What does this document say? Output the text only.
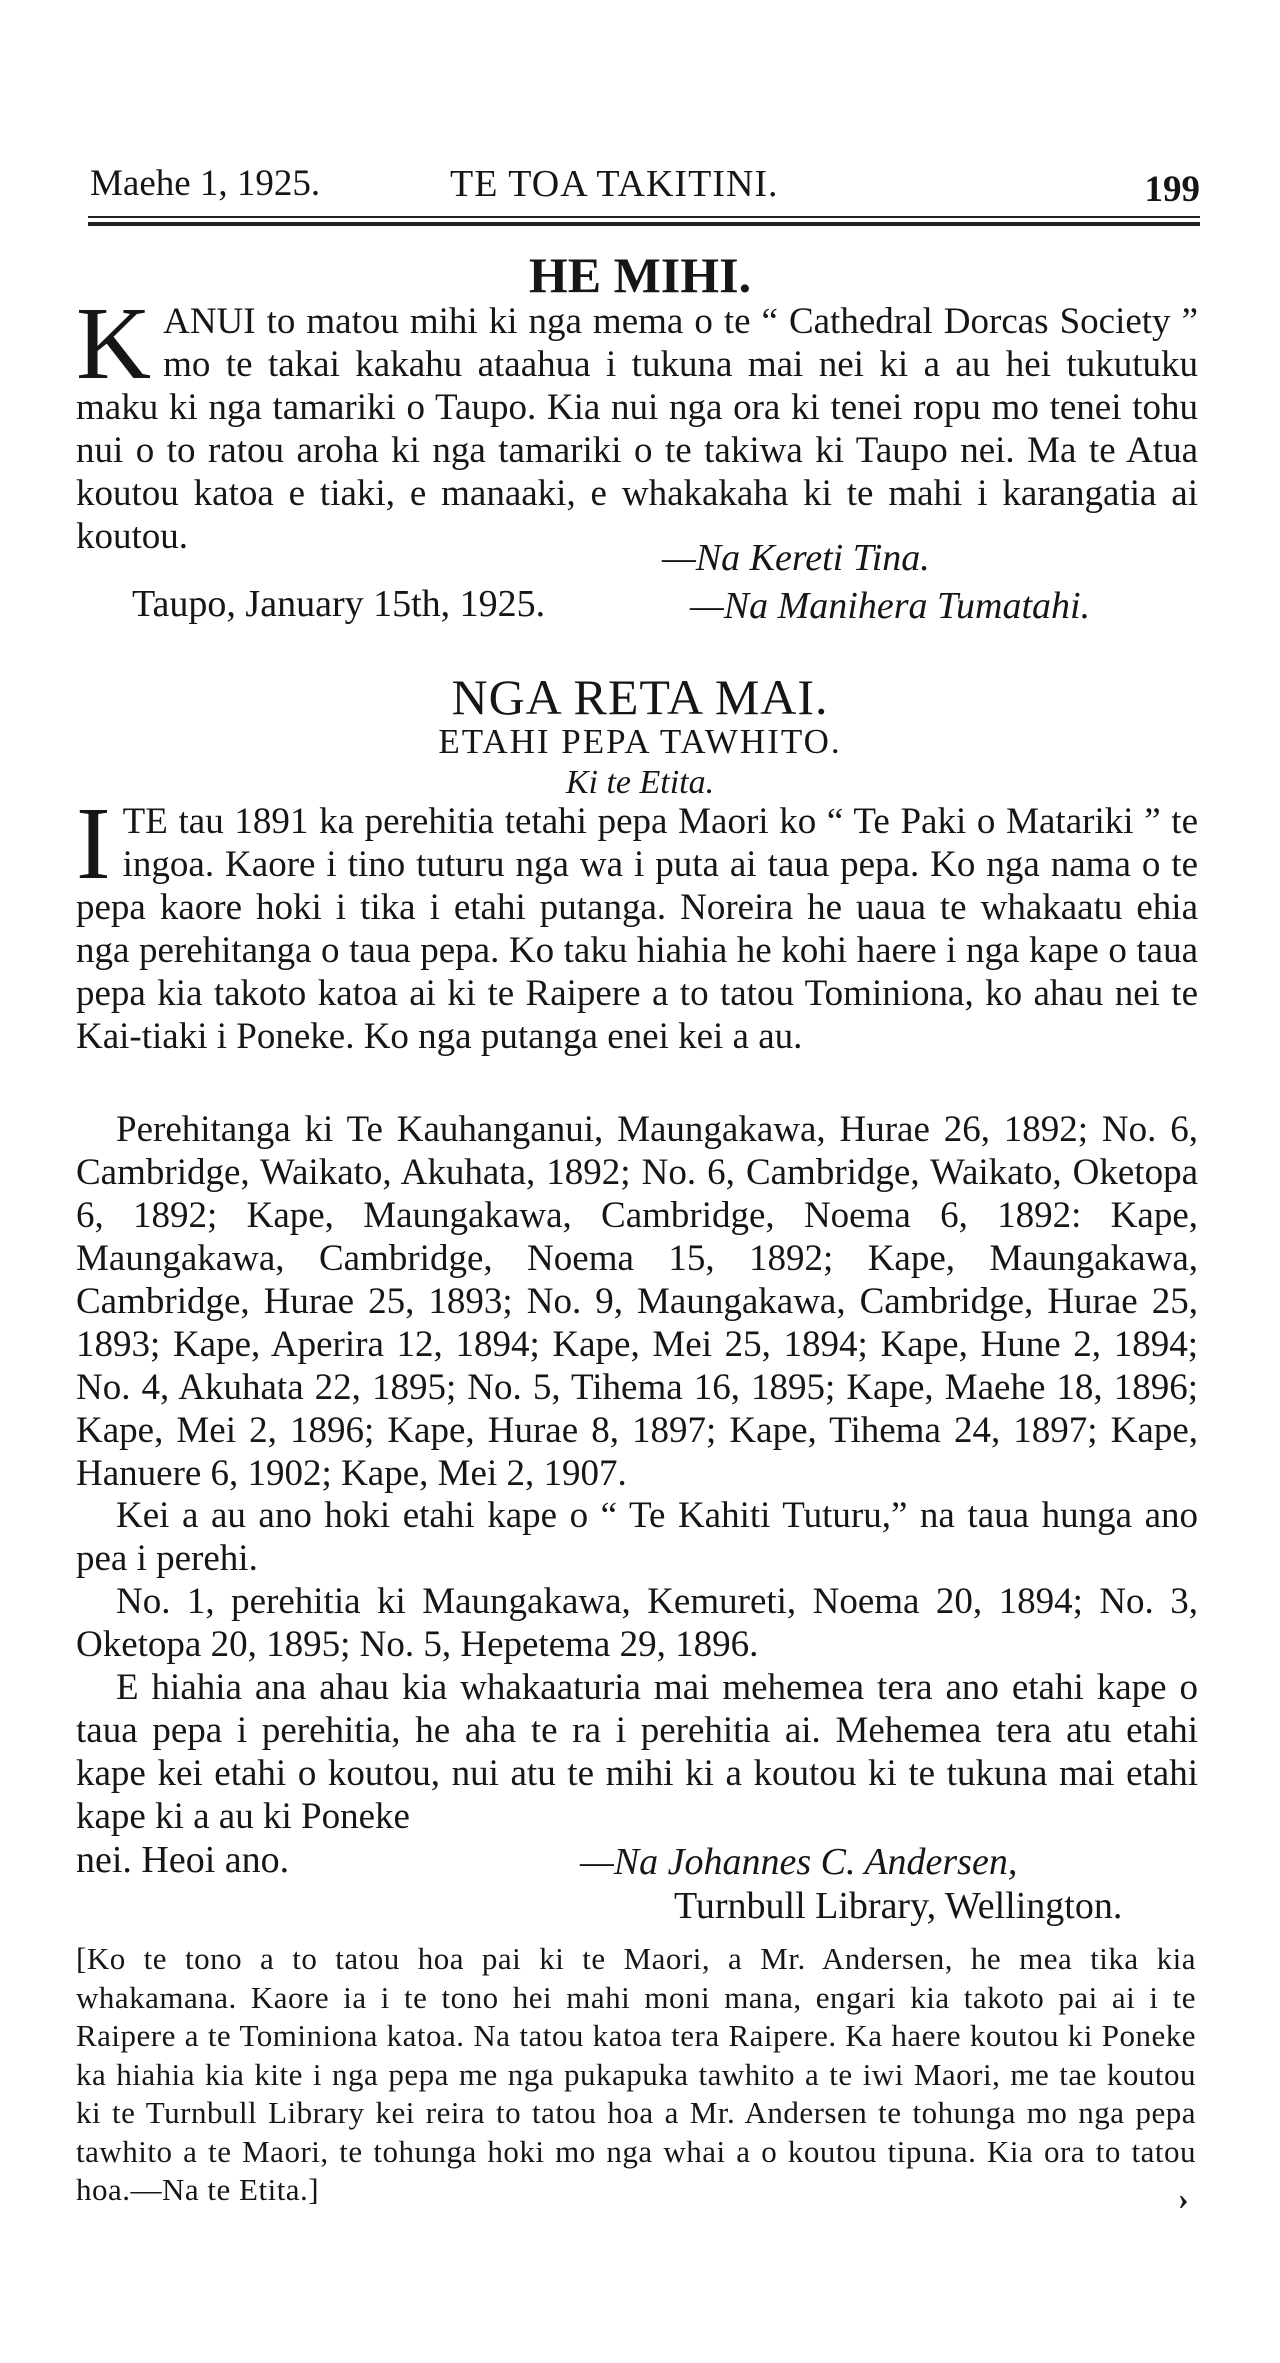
Maehe 1, 1925.	TE TOA TAKITINI.	199
HE MIHI.

KANUI to matou mihi ki nga mema o te “ Cathedral Dorcas Society ” mo te takai kakahu ataahua i tukuna mai nei ki a au hei tukutuku maku ki nga tamariki o Taupo. Kia nui nga ora ki tenei ropu mo tenei tohu nui o to ratou aroha ki nga tamariki o te takiwa ki Taupo nei. Ma te Atua koutou katoa e tiaki, e manaaki, e whakakaha ki te mahi i karangatia ai koutou.

—Na Kereti Tina.
Taupo, January 15th, 1925.	—Na Manihera Tumatahi.
NGA RETA MAI.
ETAHI PEPA TAWHITO.
Ki te Etita.

ITE tau 1891 ka perehitia tetahi pepa Maori ko “ Te Paki o Matariki ” te ingoa. Kaore i tino tuturu nga wa i puta ai taua pepa. Ko nga nama o te pepa kaore hoki i tika i etahi putanga. Noreira he uaua te whakaatu ehia nga perehitanga o taua pepa. Ko taku hiahia he kohi haere i nga kape o taua pepa kia takoto katoa ai ki te Raipere a to tatou Tominiona, ko ahau nei te Kai-tiaki i Poneke. Ko nga putanga enei kei a au.

Perehitanga ki Te Kauhanganui, Maungakawa, Hurae 26, 1892; No. 6, Cambridge, Waikato, Akuhata, 1892; No. 6, Cambridge, Waikato, Oketopa 6, 1892; Kape, Maungakawa, Cambridge, Noema 6, 1892: Kape, Maungakawa, Cambridge, Noema 15, 1892; Kape, Maungakawa, Cambridge, Hurae 25, 1893; No. 9, Maungakawa, Cambridge, Hurae 25, 1893; Kape, Aperira 12, 1894; Kape, Mei 25, 1894; Kape, Hune 2, 1894; No. 4, Akuhata 22, 1895; No. 5, Tihema 16, 1895; Kape, Maehe 18, 1896; Kape, Mei 2, 1896; Kape, Hurae 8, 1897; Kape, Tihema 24, 1897; Kape, Hanuere 6, 1902; Kape, Mei 2, 1907.

Kei a au ano hoki etahi kape o “ Te Kahiti Tuturu,” na taua hunga ano pea i perehi.

No. 1, perehitia ki Maungakawa, Kemureti, Noema 20, 1894; No. 3, Oketopa 20, 1895; No. 5, Hepetema 29, 1896.

E hiahia ana ahau kia whakaaturia mai mehemea tera ano etahi kape o taua pepa i perehitia, he aha te ra i perehitia ai. Mehemea tera atu etahi kape kei etahi o koutou, nui atu te mihi ki a koutou ki te tukuna mai etahi kape ki a au ki Poneke

nei. Heoi ano.	—Na Johannes C. Andersen,
Turnbull Library, Wellington.

[Ko te tono a to tatou hoa pai ki te Maori, a Mr. Andersen, he mea tika kia whakamana. Kaore ia i te tono hei mahi moni mana, engari kia takoto pai ai i te Raipere a te Tominiona katoa. Na tatou katoa tera Raipere. Ka haere koutou ki Poneke ka hiahia kia kite i nga pepa me nga pukapuka tawhito a te iwi Maori, me tae koutou ki te Turnbull Library kei reira to tatou hoa a Mr. Andersen te tohunga mo nga pepa tawhito a te Maori, te tohunga hoki mo nga whai a o koutou tipuna. Kia ora to tatou hoa.—Na te Etita.]	›
